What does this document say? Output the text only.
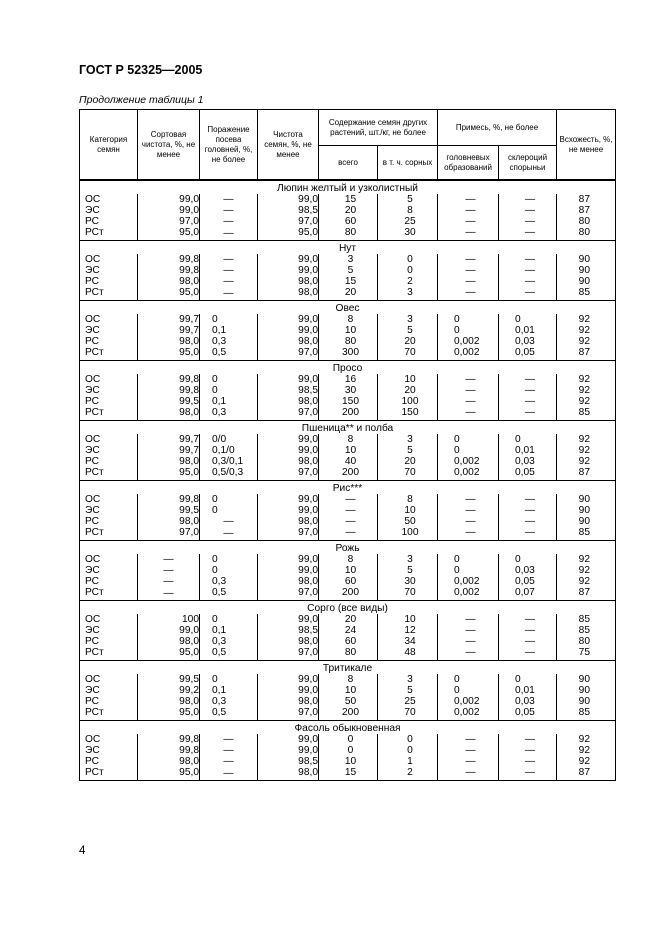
ГОСТ Р 52325—2005
Продолжение таблицы 1
Категория семян	Сортовая чистота, %, не менее	Поражение посева головней, %, не более	Чистота семян, %, не менее	Содержание семян других растений, шт./кг, не более		Примесь, %, не более		Всхожесть, %, не менее
				всего	в т. ч. сорных	головневых образований	склероций спорыньи	
Люпин желтый и узколистный								
ОС	99,0	—	99,0	15	5	—	—	87
ЭС	99,0	—	98,5	20	8	—	—	87
РС	97,0	—	97,0	60	25	—	—	80
РСт	95,0	—	95,0	80	30	—	—	80
Нут								
ОС	99,8	—	99,0	3	0	—	—	90
ЭС	99,8	—	99,0	5	0	—	—	90
РС	98,0	—	98,0	15	2	—	—	90
РСт	95,0	—	98,0	20	3	—	—	85
Овес								
ОС	99,7	0	99,0	8	3	0	0	92
ЭС	99,7	0,1	99,0	10	5	0	0,01	92
РС	98,0	0,3	98,0	80	20	0,002	0,03	92
РСт	95,0	0,5	97,0	300	70	0,002	0,05	87
Просо								
ОС	99,8	0	99,0	16	10	—	—	92
ЭС	99,8	0	98,5	30	20	—	—	92
РС	99,5	0,1	98,0	150	100	—	—	92
РСт	98,0	0,3	97,0	200	150	—	—	85
Пшеница** и полба								
ОС	99,7	0/0	99,0	8	3	0	0	92
ЭС	99,7	0,1/0	99,0	10	5	0	0,01	92
РС	98,0	0,3/0,1	98,0	40	20	0,002	0,03	92
РСт	95,0	0,5/0,3	97,0	200	70	0,002	0,05	87
Рис***								
ОС	99,8	0	99,0	—	8	—	—	90
ЭС	99,5	0	99,0	—	10	—	—	90
РС	98,0	—	98,0	—	50	—	—	90
РСт	97,0	—	97,0	—	100	—	—	85
Рожь								
ОС	—	0	99,0	8	3	0	0	92
ЭС	—	0	99,0	10	5	0	0,03	92
РС	—	0,3	98,0	60	30	0,002	0,05	92
РСт	—	0,5	97,0	200	70	0,002	0,07	87
Сорго (все виды)								
ОС	100	0	99,0	20	10	—	—	85
ЭС	99,0	0,1	98,5	24	12	—	—	85
РС	98,0	0,3	98,0	60	34	—	—	80
РСт	95,0	0,5	97,0	80	48	—	—	75
Тритикале								
ОС	99,5	0	99,0	8	3	0	0	90
ЭС	99,2	0,1	99,0	10	5	0	0,01	90
РС	98,0	0,3	98,0	50	25	0,002	0,03	90
РСт	95,0	0,5	97,0	200	70	0,002	0,05	85
Фасоль обыкновенная								
ОС	99,8	—	99,0	0	0	—	—	92
ЭС	99,8	—	99,0	0	0	—	—	92
РС	98,0	—	98,5	10	1	—	—	92
РСт	95,0	—	98,0	15	2	—	—	87
4
